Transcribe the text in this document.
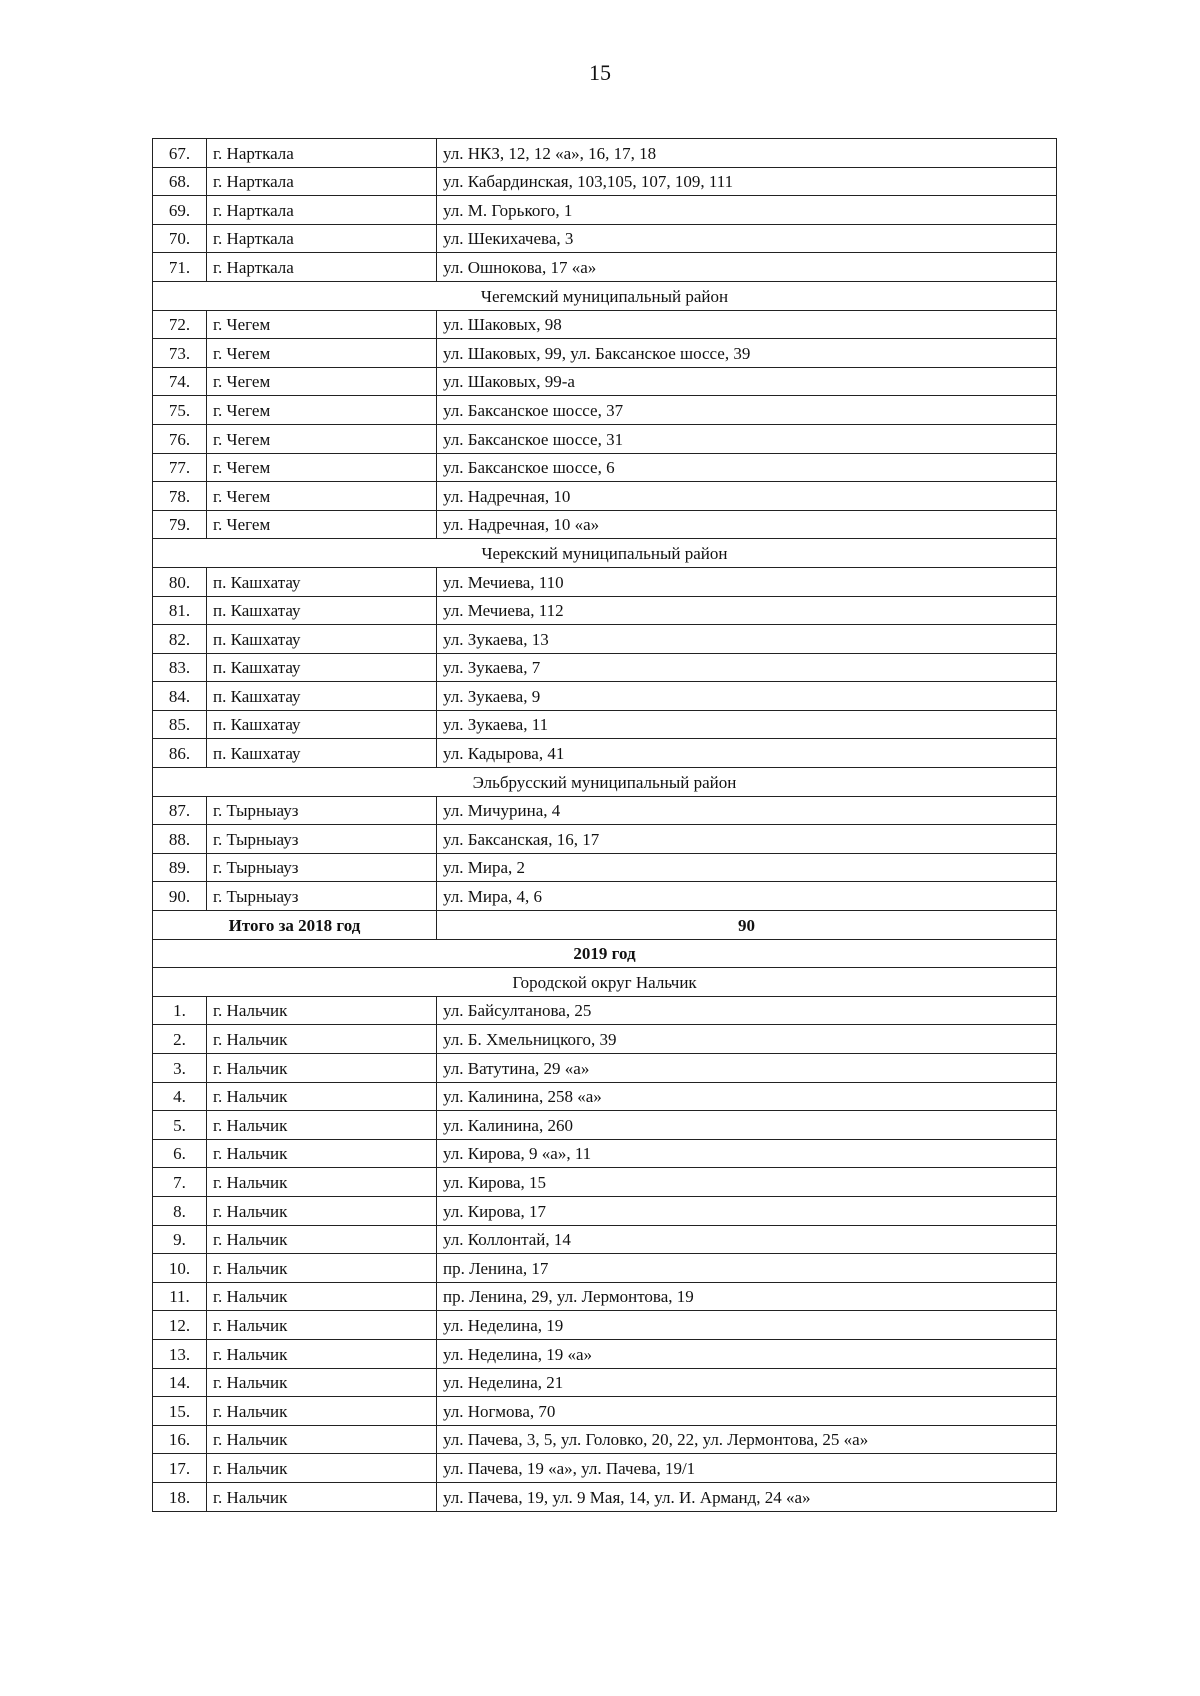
15
67.	г. Нарткала	ул. НКЗ, 12, 12 «а», 16, 17, 18
68.	г. Нарткала	ул. Кабардинская, 103,105, 107, 109, 111
69.	г. Нарткала	ул. М. Горького, 1
70.	г. Нарткала	ул. Шекихачева, 3
71.	г. Нарткала	ул. Ошнокова, 17 «а»
Чегемский муниципальный район		
72.	г. Чегем	ул. Шаковых, 98
73.	г. Чегем	ул. Шаковых, 99, ул. Баксанское шоссе, 39
74.	г. Чегем	ул. Шаковых, 99-а
75.	г. Чегем	ул. Баксанское шоссе, 37
76.	г. Чегем	ул. Баксанское шоссе, 31
77.	г. Чегем	ул. Баксанское шоссе, 6
78.	г. Чегем	ул. Надречная, 10
79.	г. Чегем	ул. Надречная, 10 «а»
Черекский муниципальный район		
80.	п. Кашхатау	ул. Мечиева, 110
81.	п. Кашхатау	ул. Мечиева, 112
82.	п. Кашхатау	ул. Зукаева, 13
83.	п. Кашхатау	ул. Зукаева, 7
84.	п. Кашхатау	ул. Зукаева, 9
85.	п. Кашхатау	ул. Зукаева, 11
86.	п. Кашхатау	ул. Кадырова, 41
Эльбрусский муниципальный район		
87.	г. Тырныауз	ул. Мичурина, 4
88.	г. Тырныауз	ул. Баксанская, 16, 17
89.	г. Тырныауз	ул. Мира, 2
90.	г. Тырныауз	ул. Мира, 4, 6
Итого за 2018 год		90
2019 год		
Городской округ Нальчик		
1.	г. Нальчик	ул. Байсултанова, 25
2.	г. Нальчик	ул. Б. Хмельницкого, 39
3.	г. Нальчик	ул. Ватутина, 29 «а»
4.	г. Нальчик	ул. Калинина, 258 «а»
5.	г. Нальчик	ул. Калинина, 260
6.	г. Нальчик	ул. Кирова, 9 «а», 11
7.	г. Нальчик	ул. Кирова, 15
8.	г. Нальчик	ул. Кирова, 17
9.	г. Нальчик	ул. Коллонтай, 14
10.	г. Нальчик	пр. Ленина, 17
11.	г. Нальчик	пр. Ленина, 29, ул. Лермонтова, 19
12.	г. Нальчик	ул. Неделина, 19
13.	г. Нальчик	ул. Неделина, 19 «а»
14.	г. Нальчик	ул. Неделина, 21
15.	г. Нальчик	ул. Ногмова, 70
16.	г. Нальчик	ул. Пачева, 3, 5, ул. Головко, 20, 22, ул. Лермонтова, 25 «а»
17.	г. Нальчик	ул. Пачева, 19 «а», ул. Пачева, 19/1
18.	г. Нальчик	ул. Пачева, 19, ул. 9 Мая, 14, ул. И. Арманд, 24 «а»
